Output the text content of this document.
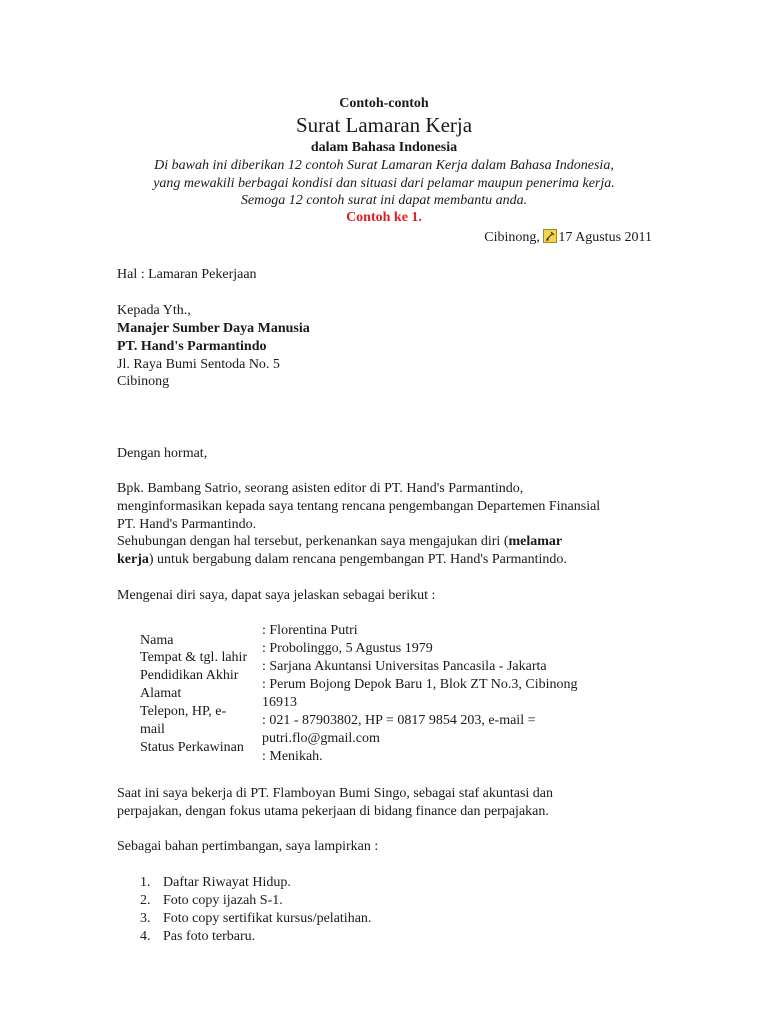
Contoh-contoh
Surat Lamaran Kerja
dalam Bahasa Indonesia
Di bawah ini diberikan 12 contoh Surat Lamaran Kerja dalam Bahasa Indonesia,
yang mewakili berbagai kondisi dan situasi dari pelamar maupun penerima kerja.
Semoga 12 contoh surat ini dapat membantu anda.
Contoh ke 1.
Cibinong, 17 Agustus 2011
Hal : Lamaran Pekerjaan
Kepada Yth.,
Manajer Sumber Daya Manusia
PT. Hand's Parmantindo
Jl. Raya Bumi Sentoda No. 5
Cibinong
Dengan hormat,
Bpk. Bambang Satrio, seorang asisten editor di PT. Hand's Parmantindo,
menginformasikan kepada saya tentang rencana pengembangan Departemen Finansial
PT. Hand's Parmantindo.
Sehubungan dengan hal tersebut, perkenankan saya mengajukan diri (melamar
kerja) untuk bergabung dalam rencana pengembangan PT. Hand's Parmantindo.
Mengenai diri saya, dapat saya jelaskan sebagai berikut :
Nama
Tempat & tgl. lahir
Pendidikan Akhir
Alamat
Telepon, HP, e-
mail
Status Perkawinan
: Florentina Putri
: Probolinggo, 5 Agustus 1979
: Sarjana Akuntansi Universitas Pancasila - Jakarta
: Perum Bojong Depok Baru 1, Blok ZT No.3, Cibinong
16913
: 021 - 87903802, HP = 0817 9854 203, e-mail =
putri.flo@gmail.com
: Menikah.
Saat ini saya bekerja di PT. Flamboyan Bumi Singo, sebagai staf akuntasi dan
perpajakan, dengan fokus utama pekerjaan di bidang finance dan perpajakan.
Sebagai bahan pertimbangan, saya lampirkan :
1. Daftar Riwayat Hidup.
2. Foto copy ijazah S-1.
3. Foto copy sertifikat kursus/pelatihan.
4. Pas foto terbaru.
